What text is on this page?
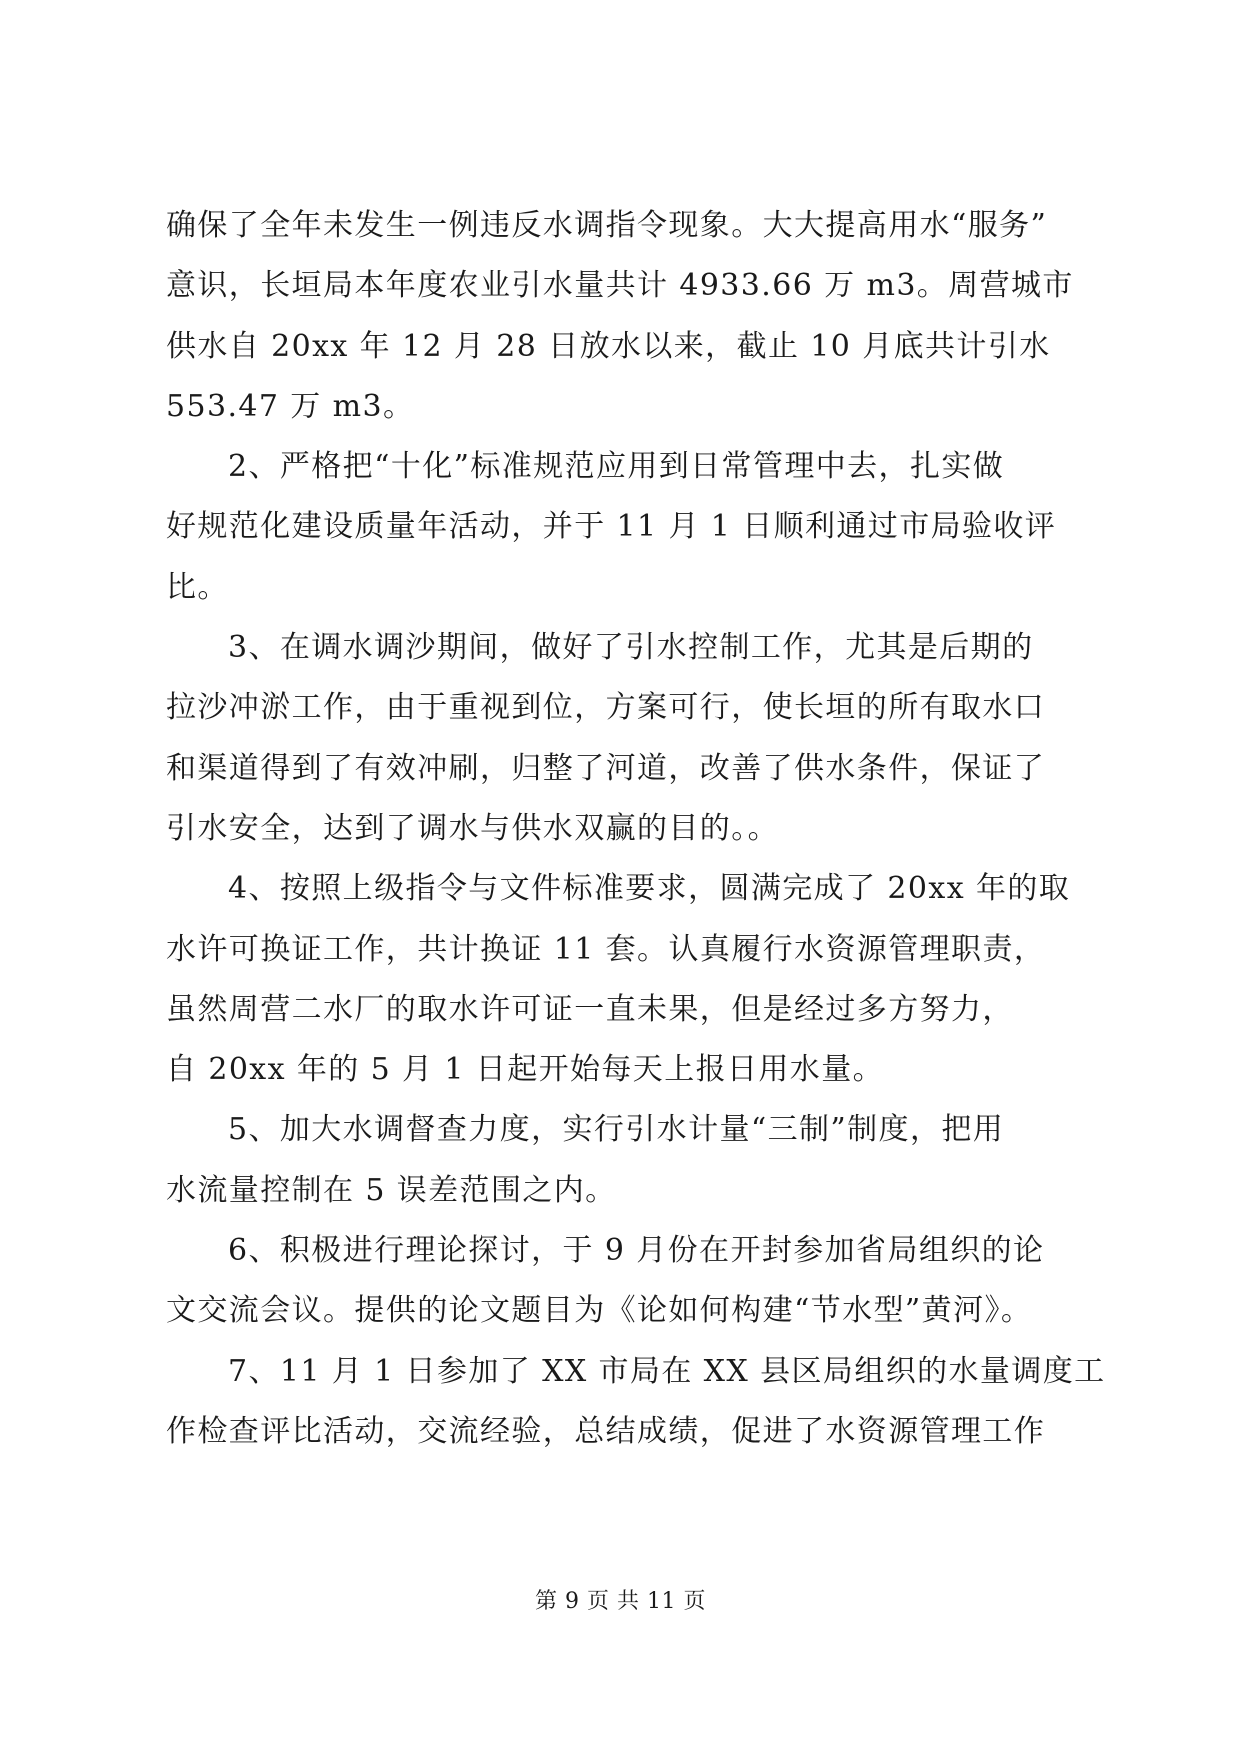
确保了全年未发生一例违反水调指令现象。大大提高用水“服务”
意识，长垣局本年度农业引水量共计 4933.66 万 m3。周营城市
供水自 20xx 年 12 月 28 日放水以来，截止 10 月底共计引水
553.47 万 m3。
2、严格把“十化”标准规范应用到日常管理中去，扎实做
好规范化建设质量年活动，并于 11 月 1 日顺利通过市局验收评
比。
3、在调水调沙期间，做好了引水控制工作，尤其是后期的
拉沙冲淤工作，由于重视到位，方案可行，使长垣的所有取水口
和渠道得到了有效冲刷，归整了河道，改善了供水条件，保证了
引水安全，达到了调水与供水双赢的目的。。
4、按照上级指令与文件标准要求，圆满完成了 20xx 年的取
水许可换证工作，共计换证 11 套。认真履行水资源管理职责，
虽然周营二水厂的取水许可证一直未果，但是经过多方努力，
自 20xx 年的 5 月 1 日起开始每天上报日用水量。
5、加大水调督查力度，实行引水计量“三制”制度，把用
水流量控制在 5 误差范围之内。
6、积极进行理论探讨，于 9 月份在开封参加省局组织的论
文交流会议。提供的论文题目为《论如何构建“节水型”黄河》。
7、11 月 1 日参加了 XX 市局在 XX 县区局组织的水量调度工
作检查评比活动，交流经验，总结成绩，促进了水资源管理工作
第 9 页 共 11 页
